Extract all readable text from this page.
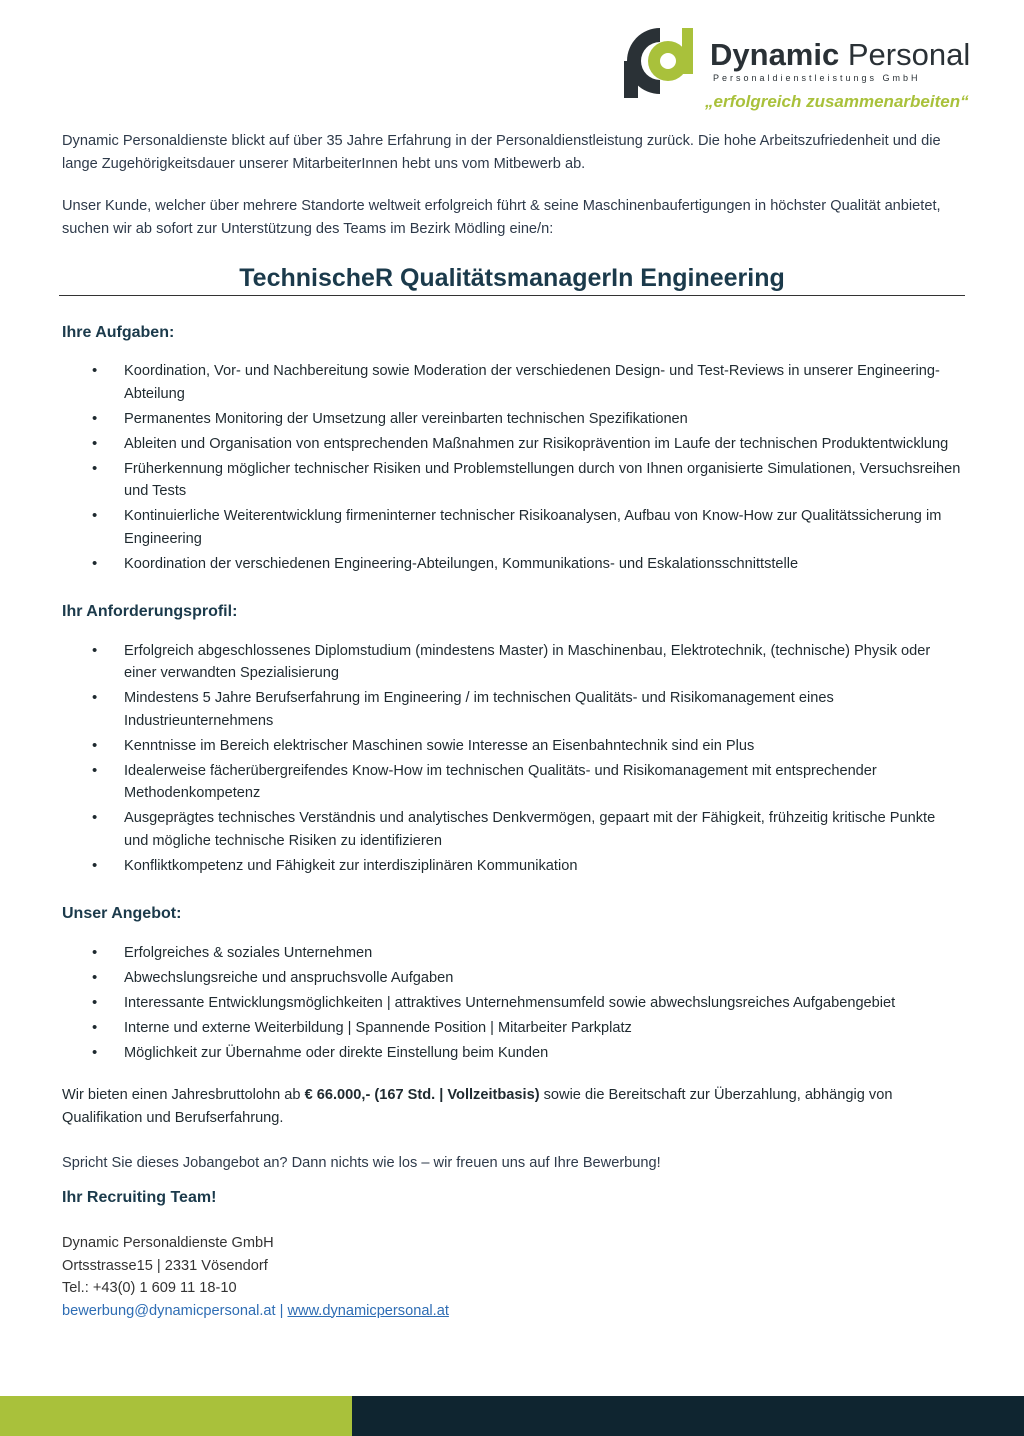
Dynamic Personal
Personaldienstleistungs GmbH
„erfolgreich zusammenarbeiten“

Dynamic Personaldienste blickt auf über 35 Jahre Erfahrung in der Personaldienstleistung zurück. Die hohe Arbeitszufriedenheit und die lange Zugehörigkeitsdauer unserer MitarbeiterInnen hebt uns vom Mitbewerb ab.

Unser Kunde, welcher über mehrere Standorte weltweit erfolgreich führt & seine Maschinenbaufertigungen in höchster Qualität anbietet, suchen wir ab sofort zur Unterstützung des Teams im Bezirk Mödling eine/n:

TechnischeR QualitätsmanagerIn Engineering
Ihre Aufgaben:
• Koordination, Vor- und Nachbereitung sowie Moderation der verschiedenen Design- und Test-Reviews in unserer Engineering-Abteilung
• Permanentes Monitoring der Umsetzung aller vereinbarten technischen Spezifikationen
• Ableiten und Organisation von entsprechenden Maßnahmen zur Risikoprävention im Laufe der technischen Produktentwicklung
• Früherkennung möglicher technischer Risiken und Problemstellungen durch von Ihnen organisierte Simulationen, Versuchsreihen und Tests
• Kontinuierliche Weiterentwicklung firmeninterner technischer Risikoanalysen, Aufbau von Know-How zur Qualitätssicherung im Engineering
• Koordination der verschiedenen Engineering-Abteilungen, Kommunikations- und Eskalationsschnittstelle
Ihr Anforderungsprofil:
• Erfolgreich abgeschlossenes Diplomstudium (mindestens Master) in Maschinenbau, Elektrotechnik, (technische) Physik oder einer verwandten Spezialisierung
• Mindestens 5 Jahre Berufserfahrung im Engineering / im technischen Qualitäts- und Risikomanagement eines Industrieunternehmens
• Kenntnisse im Bereich elektrischer Maschinen sowie Interesse an Eisenbahntechnik sind ein Plus
• Idealerweise fächerübergreifendes Know-How im technischen Qualitäts- und Risikomanagement mit entsprechender Methodenkompetenz
• Ausgeprägtes technisches Verständnis und analytisches Denkvermögen, gepaart mit der Fähigkeit, frühzeitig kritische Punkte und mögliche technische Risiken zu identifizieren
• Konfliktkompetenz und Fähigkeit zur interdisziplinären Kommunikation
Unser Angebot:
• Erfolgreiches & soziales Unternehmen
• Abwechslungsreiche und anspruchsvolle Aufgaben
• Interessante Entwicklungsmöglichkeiten | attraktives Unternehmensumfeld sowie abwechslungsreiches Aufgabengebiet
• Interne und externe Weiterbildung | Spannende Position | Mitarbeiter Parkplatz
• Möglichkeit zur Übernahme oder direkte Einstellung beim Kunden

Wir bieten einen Jahresbruttolohn ab € 66.000,- (167 Std. | Vollzeitbasis) sowie die Bereitschaft zur Überzahlung, abhängig von Qualifikation und Berufserfahrung.

Spricht Sie dieses Jobangebot an? Dann nichts wie los – wir freuen uns auf Ihre Bewerbung!

Ihr Recruiting Team!

Dynamic Personaldienste GmbH
Ortsstrasse15 | 2331 Vösendorf
Tel.: +43(0) 1 609 11 18-10
bewerbung@dynamicpersonal.at | www.dynamicpersonal.at
